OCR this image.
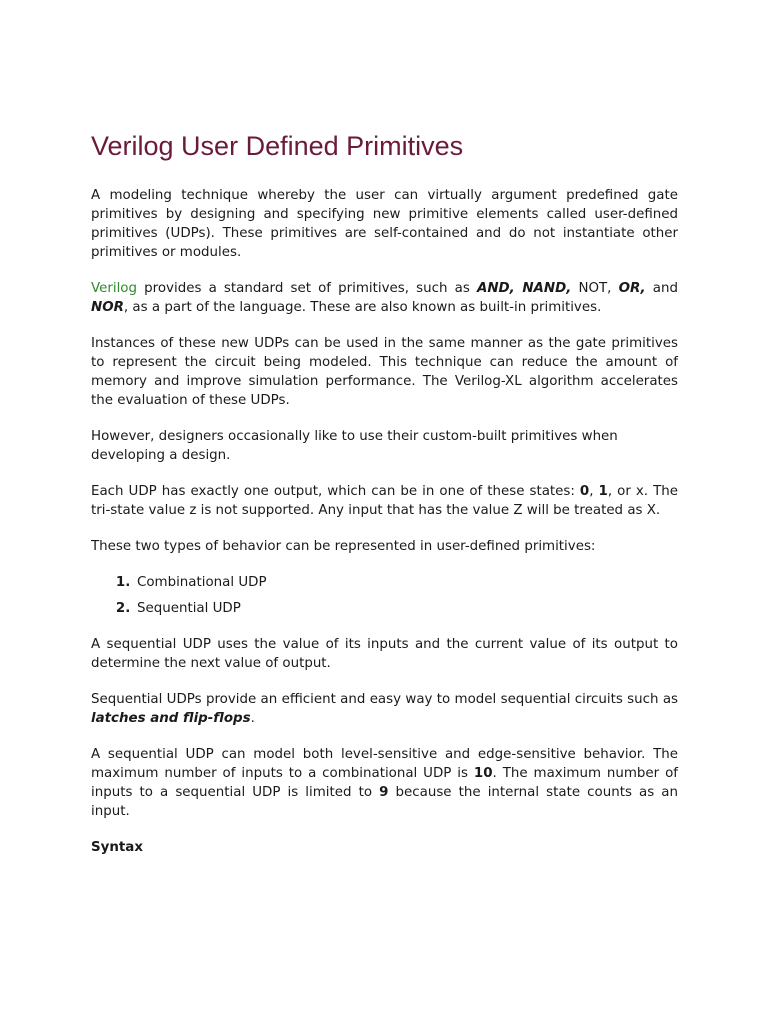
Verilog User Defined Primitives

A modeling technique whereby the user can virtually argument predefined gate primitives by designing and specifying new primitive elements called user-defined primitives (UDPs). These primitives are self-contained and do not instantiate other primitives or modules.

Verilog provides a standard set of primitives, such as AND, NAND, NOT, OR, and NOR, as a part of the language. These are also known as built-in primitives.

Instances of these new UDPs can be used in the same manner as the gate primitives to represent the circuit being modeled. This technique can reduce the amount of memory and improve simulation performance. The Verilog-XL algorithm accelerates the evaluation of these UDPs.

However, designers occasionally like to use their custom-built primitives when developing a design.

Each UDP has exactly one output, which can be in one of these states: 0, 1, or x. The tri-state value z is not supported. Any input that has the value Z will be treated as X.

These two types of behavior can be represented in user-defined primitives:

1. Combinational UDP
2. Sequential UDP

A sequential UDP uses the value of its inputs and the current value of its output to determine the next value of output.

Sequential UDPs provide an efficient and easy way to model sequential circuits such as latches and flip-flops.

A sequential UDP can model both level-sensitive and edge-sensitive behavior. The maximum number of inputs to a combinational UDP is 10. The maximum number of inputs to a sequential UDP is limited to 9 because the internal state counts as an input.

Syntax
